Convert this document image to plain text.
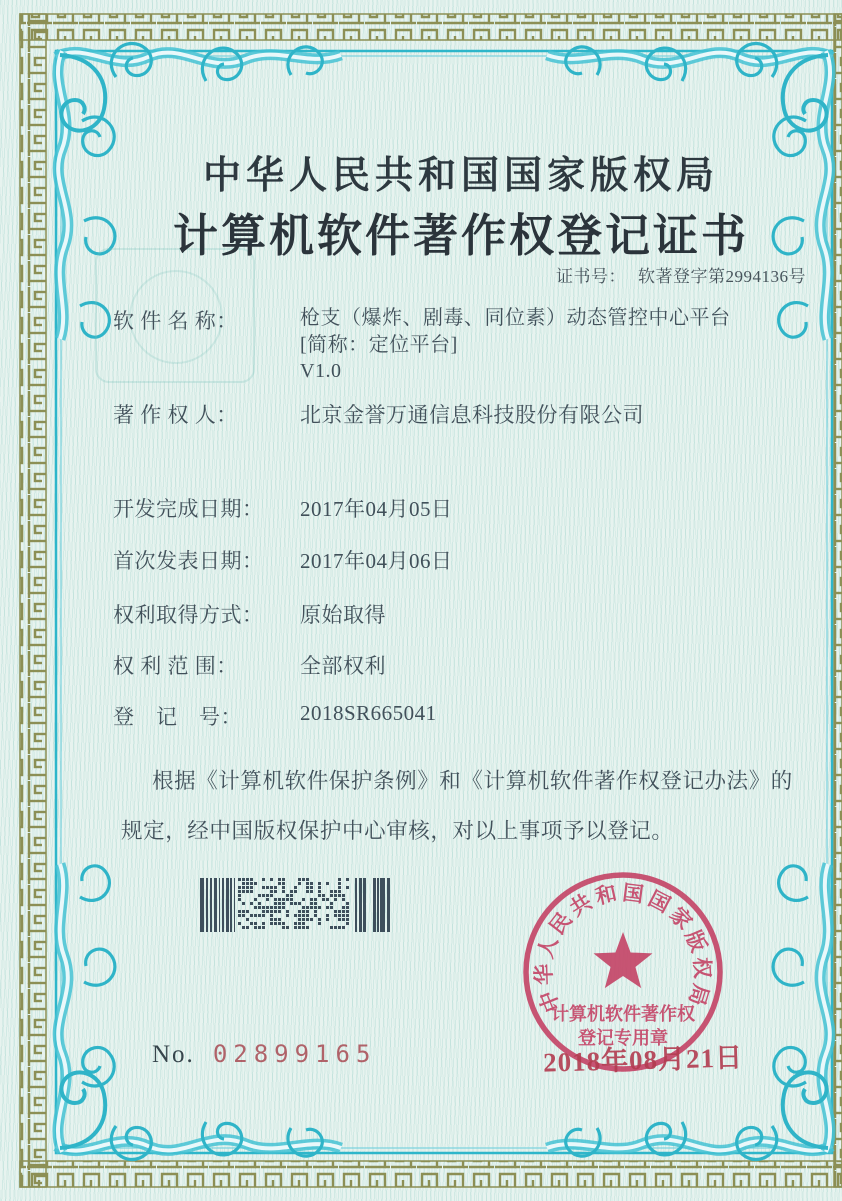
中华人民共和国国家版权局
计算机软件著作权登记证书
证书号： 软著登字第2994136号
软 件 名 称：	枪支（爆炸、剧毒、同位素）动态管控中心平台
[简称：定位平台]
V1.0
著 作 权 人：	北京金誉万通信息科技股份有限公司
开发完成日期： 2017年04月05日
首次发表日期： 2017年04月06日
权利取得方式： 原始取得
权 利 范 围：	全部权利
登　记　号：	2018SR665041
根据《计算机软件保护条例》和《计算机软件著作权登记办法》的
规定，经中国版权保护中心审核，对以上事项予以登记。
No. 02899165
中华人民共和国国家版权局
计算机软件著作权
登记专用章
2018年08月21日
